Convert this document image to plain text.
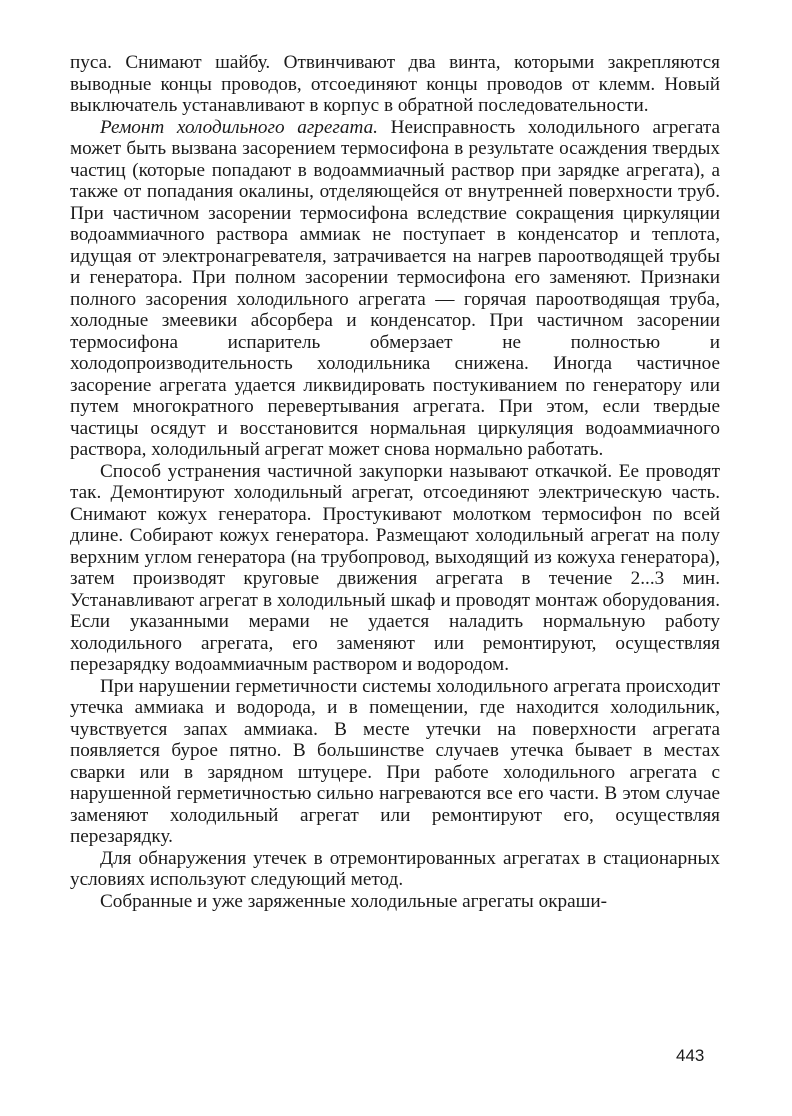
пуса. Снимают шайбу. Отвинчивают два винта, которыми закрепляются выводные концы проводов, отсоединяют концы проводов от клемм. Новый выключатель устанавливают в корпус в обратной последовательности.

Ремонт холодильного агрегата. Неисправность холодильного агрегата может быть вызвана засорением термосифона в результате осаждения твердых частиц (которые попадают в водоаммиачный раствор при зарядке агрегата), а также от попадания окалины, отделяющейся от внутренней поверхности труб. При частичном засорении термосифона вследствие сокращения циркуляции водоаммиачного раствора аммиак не поступает в конденсатор и теплота, идущая от электронагревателя, затрачивается на нагрев пароотводящей трубы и генератора. При полном засорении термосифона его заменяют. Признаки полного засорения холодильного агрегата — горячая пароотводящая труба, холодные змеевики абсорбера и конденсатор. При частичном засорении термосифона испаритель обмерзает не полностью и холодопроизводительность холодильника снижена. Иногда частичное засорение агрегата удается ликвидировать постукиванием по генератору или путем многократного перевертывания агрегата. При этом, если твердые частицы осядут и восстановится нормальная циркуляция водоаммиачного раствора, холодильный агрегат может снова нормально работать.

Способ устранения частичной закупорки называют откачкой. Ее проводят так. Демонтируют холодильный агрегат, отсоединяют электрическую часть. Снимают кожух генератора. Простукивают молотком термосифон по всей длине. Собирают кожух генератора. Размещают холодильный агрегат на полу верхним углом генератора (на трубопровод, выходящий из кожуха генератора), затем производят круговые движения агрегата в течение 2...3 мин. Устанавливают агрегат в холодильный шкаф и проводят монтаж оборудования. Если указанными мерами не удается наладить нормальную работу холодильного агрегата, его заменяют или ремонтируют, осуществляя перезарядку водоаммиачным раствором и водородом.

При нарушении герметичности системы холодильного агрегата происходит утечка аммиака и водорода, и в помещении, где находится холодильник, чувствуется запах аммиака. В месте утечки на поверхности агрегата появляется бурое пятно. В большинстве случаев утечка бывает в местах сварки или в зарядном штуцере. При работе холодильного агрегата с нарушенной герметичностью сильно нагреваются все его части. В этом случае заменяют холодильный агрегат или ремонтируют его, осуществляя перезарядку.

Для обнаружения утечек в отремонтированных агрегатах в стационарных условиях используют следующий метод.

Собранные и уже заряженные холодильные агрегаты окраши-

443
